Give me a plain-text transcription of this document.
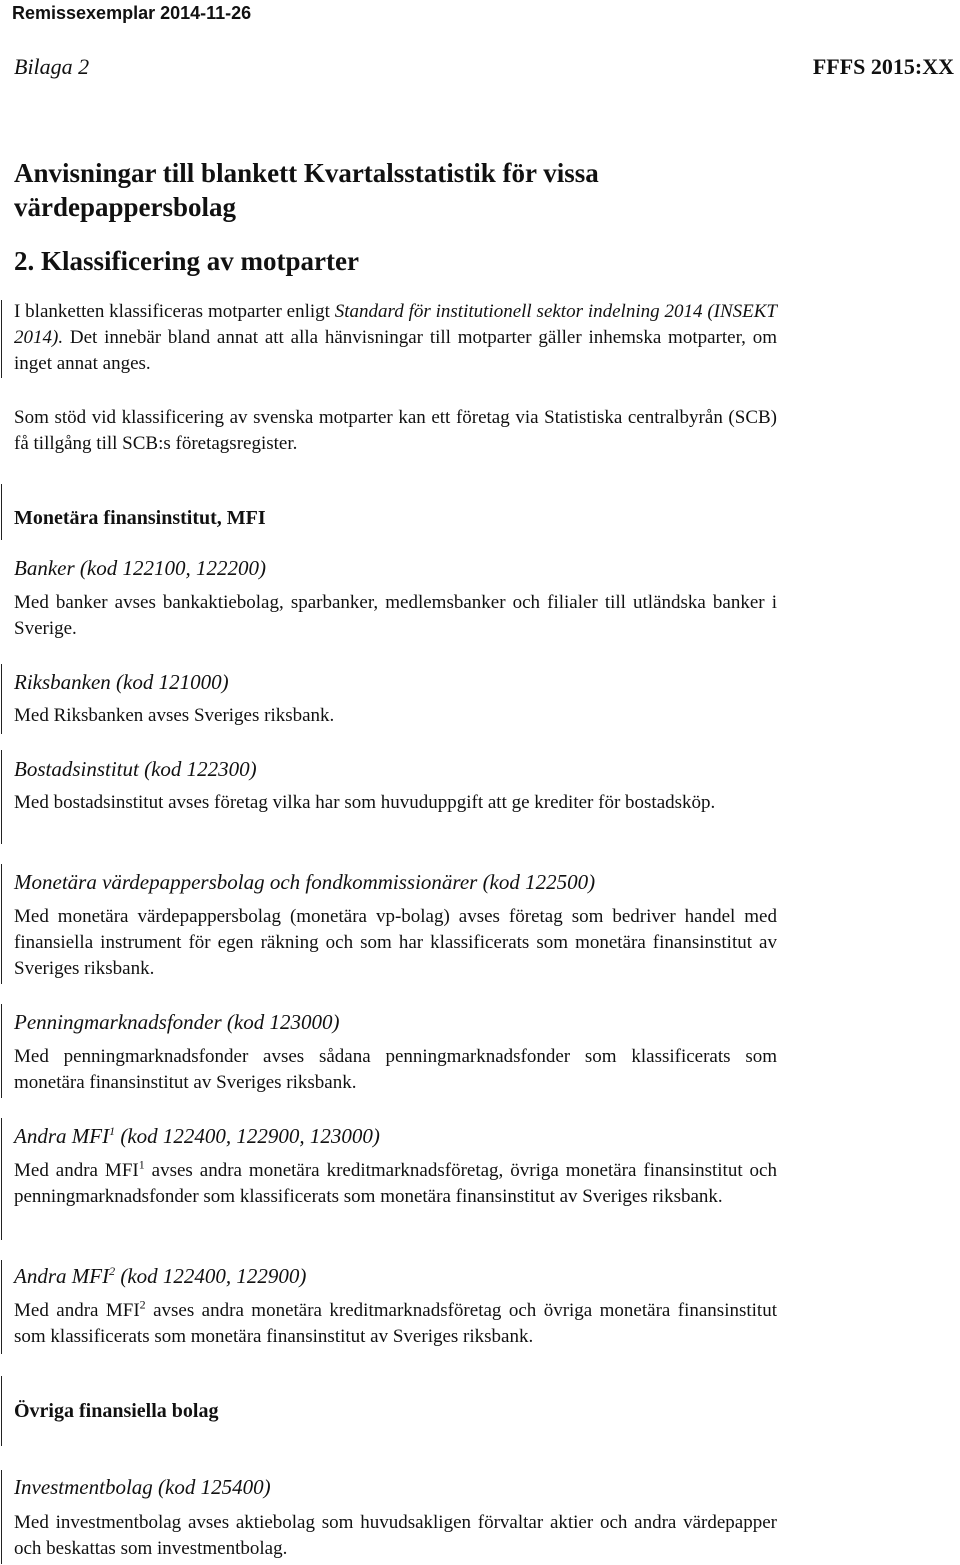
Remissexemplar 2014-11-26
Bilaga 2	FFFS 2015:XX
Anvisningar till blankett Kvartalsstatistik för vissa
värdepappersbolag
2. Klassificering av motparter
I blanketten klassificeras motparter enligt Standard för institutionell sektor indelning 2014 (INSEKT 2014). Det innebär bland annat att alla hänvisningar till motparter gäller inhemska motparter, om inget annat anges.
Som stöd vid klassificering av svenska motparter kan ett företag via Statistiska centralbyrån (SCB) få tillgång till SCB:s företagsregister.
Monetära finansinstitut, MFI
Banker (kod 122100, 122200)
Med banker avses bankaktiebolag, sparbanker, medlemsbanker och filialer till utländska banker i Sverige.
Riksbanken (kod 121000)
Med Riksbanken avses Sveriges riksbank.
Bostadsinstitut (kod 122300)
Med bostadsinstitut avses företag vilka har som huvuduppgift att ge krediter för bostadsköp.
Monetära värdepappersbolag och fondkommissionärer (kod 122500)
Med monetära värdepappersbolag (monetära vp-bolag) avses företag som bedriver handel med finansiella instrument för egen räkning och som har klassificerats som monetära finansinstitut av Sveriges riksbank.
Penningmarknadsfonder (kod 123000)
Med penningmarknadsfonder avses sådana penningmarknadsfonder som klassificerats som monetära finansinstitut av Sveriges riksbank.
Andra MFI$^1$ (kod 122400, 122900, 123000)
Med andra MFI$^1$ avses andra monetära kreditmarknadsföretag, övriga monetära finansinstitut och penningmarknadsfonder som klassificerats som monetära finansinstitut av Sveriges riksbank.
Andra MFI$^2$ (kod 122400, 122900)
Med andra MFI$^2$ avses andra monetära kreditmarknadsföretag och övriga monetära finansinstitut som klassificerats som monetära finansinstitut av Sveriges riksbank.
Övriga finansiella bolag
Investmentbolag (kod 125400)
Med investmentbolag avses aktiebolag som huvudsakligen förvaltar aktier och andra värdepapper och beskattas som investmentbolag.
